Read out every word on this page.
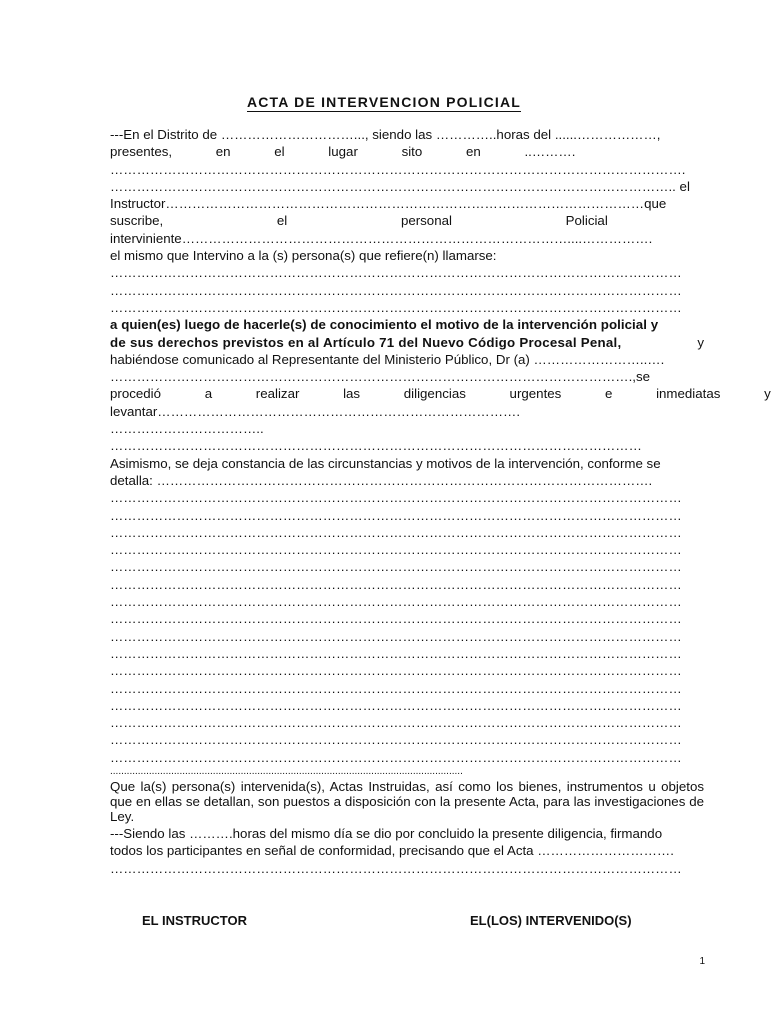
ACTA DE INTERVENCION POLICIAL
---En el Distrito de …………………………..., siendo las …………..horas del ......………………,
presentes, en el lugar sito en ..……….
………………………………………………………………………………………………………………….
……………………………………………………………………………………………………………….. el
Instructor………………………………………………………………………………………………que
suscribe, el personal Policial
interviniente……………………………………………………………………………....…………….
el mismo que Intervino a la (s) persona(s) que refiere(n) llamarse:
…………………………………………………………………………………………………………………
…………………………………………………………………………………………………………………
…………………………………………………………………………………………………………………
a quien(es) luego de hacerle(s) de conocimiento el motivo de la intervención policial y
de sus derechos previstos en al Artículo 71 del Nuevo Código Procesal Penal,	y
habiéndose comunicado al Representante del Ministerio Público, Dr (a) ……………………..….
……………………………………………………………………………………………………….,se
procedió a realizar las diligencias urgentes e inmediatas y
levantar……………………………………………………………………….
……………………………..
…………………………………………………………………………………………………………
Asimismo, se deja constancia de las circunstancias y motivos de la intervención, conforme se
detalla: ………………………………………………………………………………………………….
…………………………………………………………………………………………………………………
…………………………………………………………………………………………………………………
…………………………………………………………………………………………………………………
…………………………………………………………………………………………………………………
…………………………………………………………………………………………………………………
…………………………………………………………………………………………………………………
…………………………………………………………………………………………………………………
…………………………………………………………………………………………………………………
…………………………………………………………………………………………………………………
…………………………………………………………………………………………………………………
…………………………………………………………………………………………………………………
…………………………………………………………………………………………………………………
…………………………………………………………………………………………………………………
…………………………………………………………………………………………………………………
…………………………………………………………………………………………………………………
…………………………………………………………………………………………………………………
...............................................................................................................................
Que la(s) persona(s) intervenida(s), Actas Instruidas, así como los bienes, instrumentos u objetos que en ellas se detallan, son puestos a disposición con la presente Acta, para las investigaciones de Ley.
---Siendo las ……….horas del mismo día se dio por concluido la presente diligencia, firmando
todos los participantes en señal de conformidad, precisando que el Acta ………………………….
…………………………………………………………………………………………………………………
EL INSTRUCTOR	EL(LOS) INTERVENIDO(S)
1
